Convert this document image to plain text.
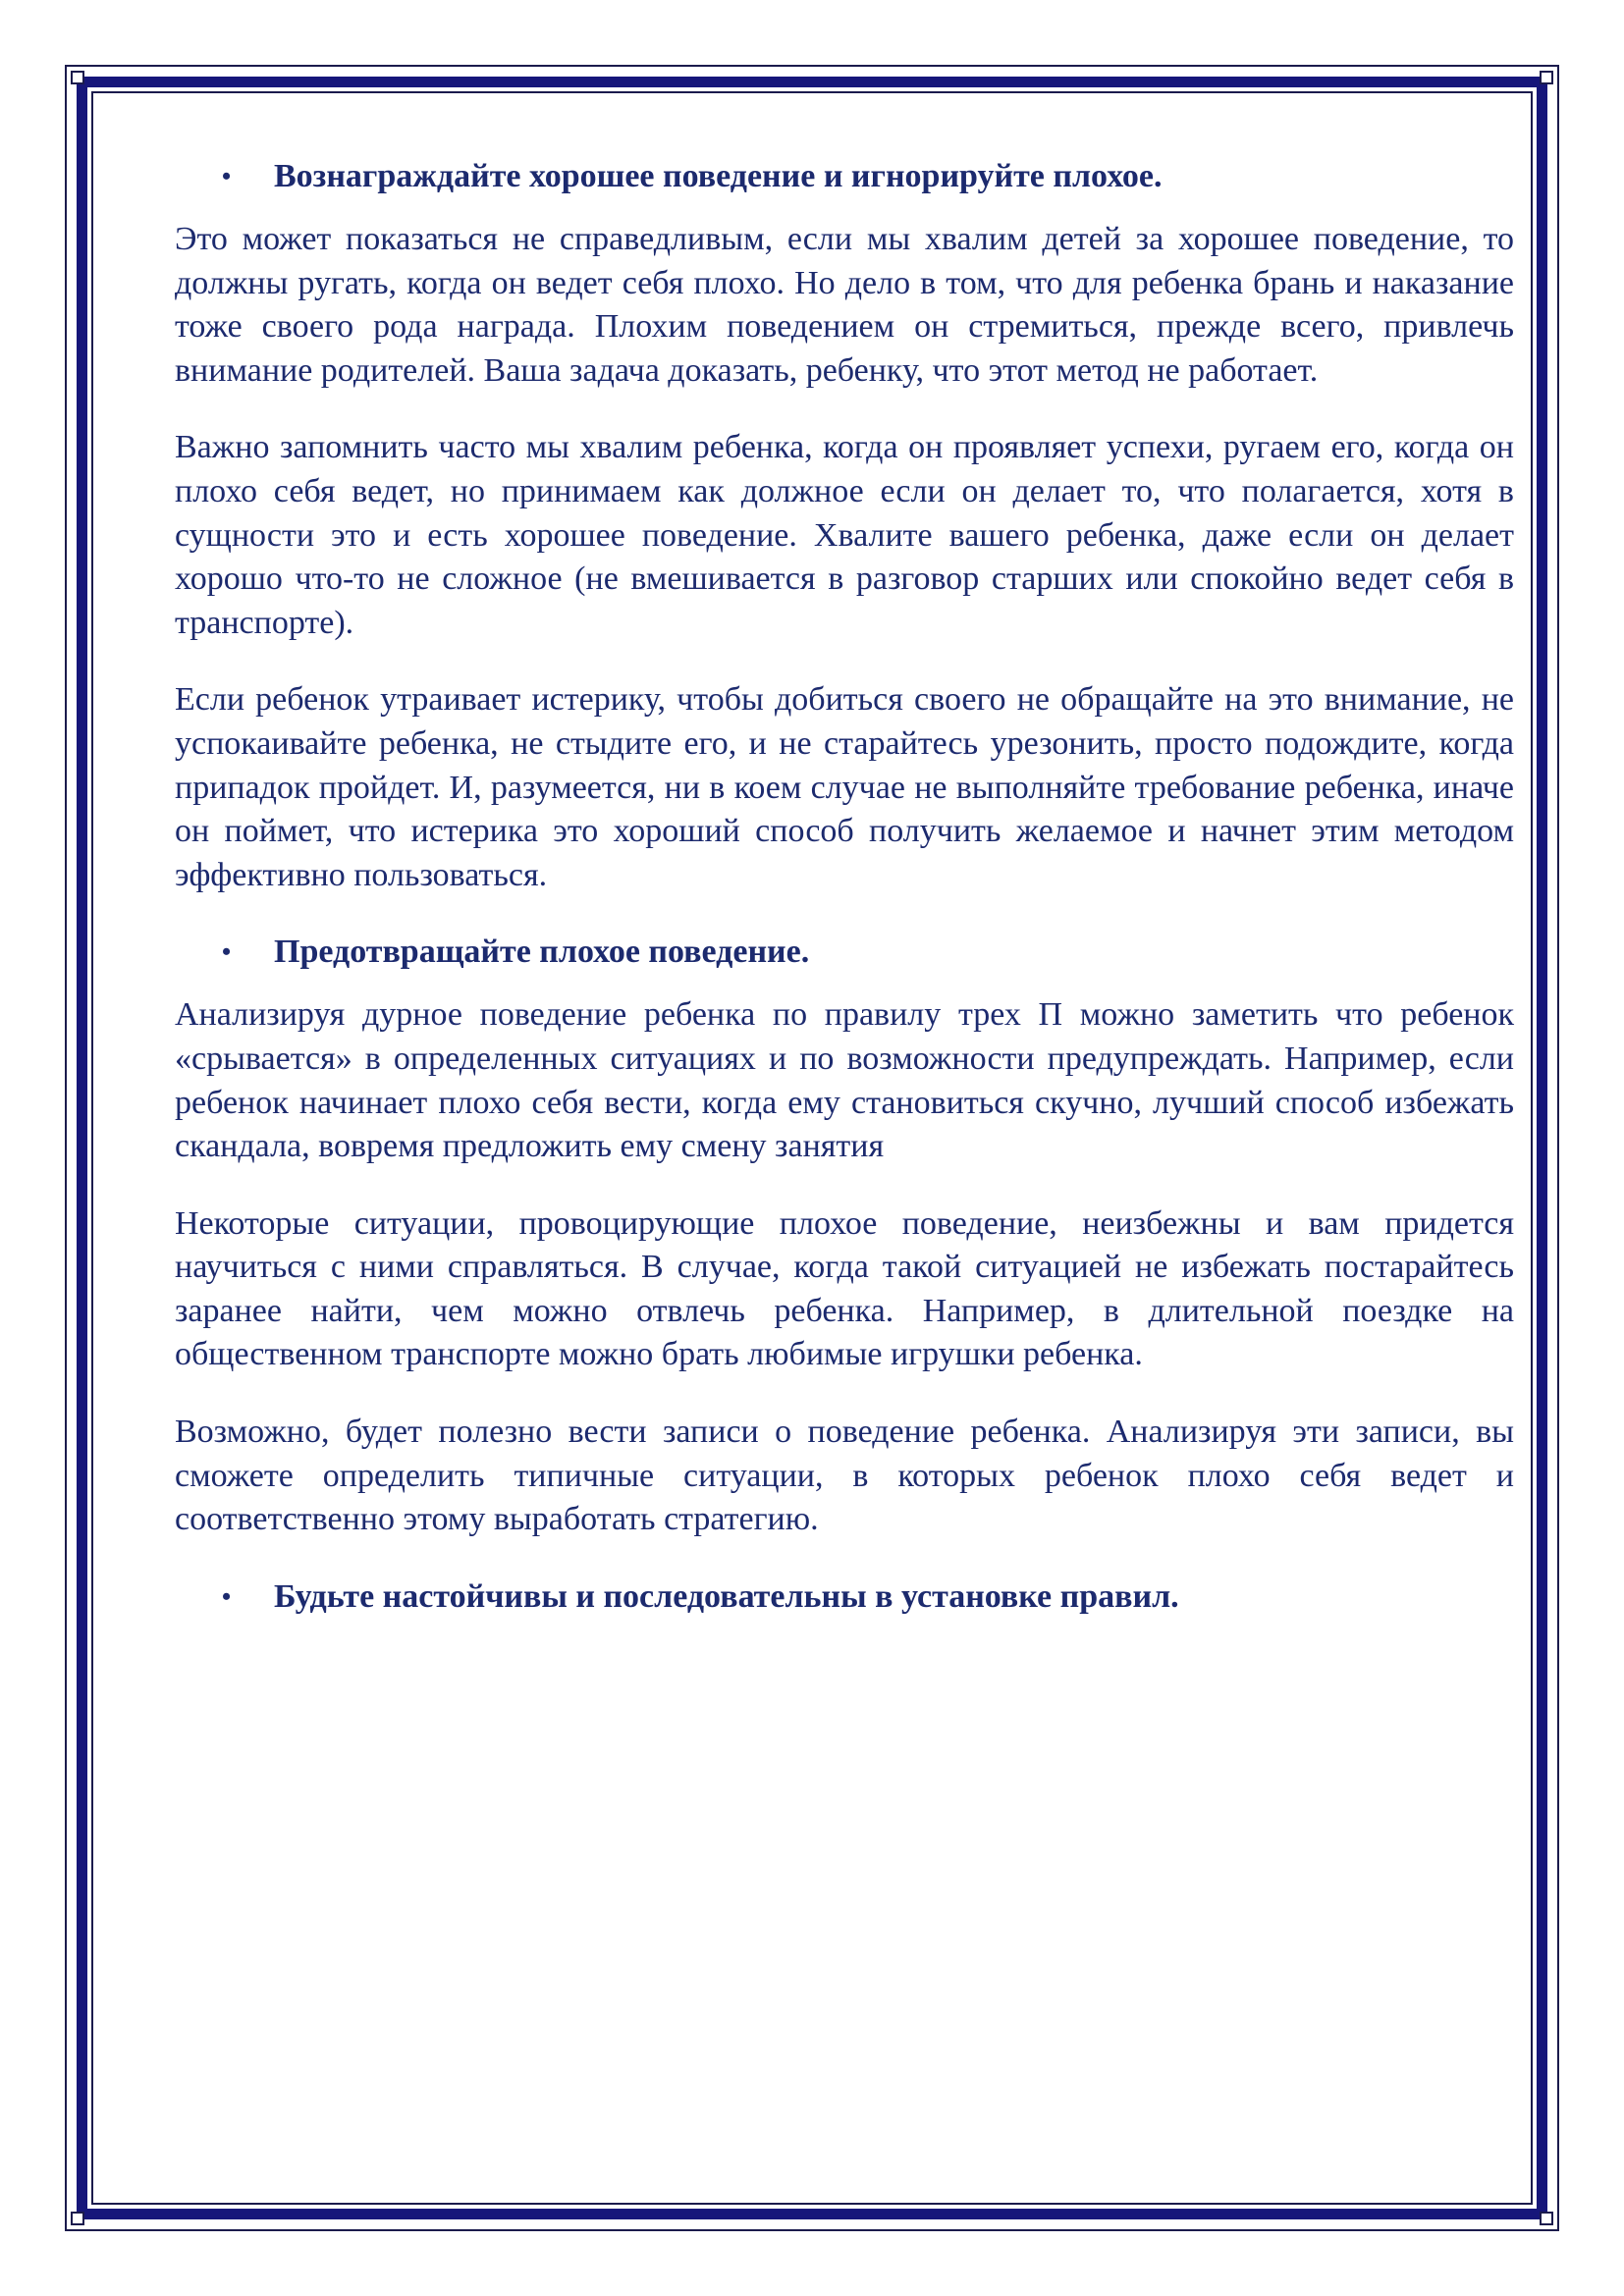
• Вознаграждайте хорошее поведение и игнорируйте плохое.

Это может показаться не справедливым, если мы хвалим детей за хорошее поведение, то должны ругать, когда он ведет себя плохо. Но дело в том, что для ребенка брань и наказание тоже своего рода награда. Плохим поведением он стремиться, прежде всего, привлечь внимание родителей. Ваша задача доказать, ребенку, что этот метод не работает.

Важно запомнить часто мы хвалим ребенка, когда он проявляет успехи, ругаем его, когда он плохо себя ведет, но принимаем как должное если он делает то, что полагается, хотя в сущности это и есть хорошее поведение. Хвалите вашего ребенка, даже если он делает хорошо что-то не сложное (не вмешивается в разговор старших или спокойно ведет себя в транспорте).

Если ребенок утраивает истерику, чтобы добиться своего не обращайте на это внимание, не успокаивайте ребенка, не стыдите его, и не старайтесь урезонить, просто подождите, когда припадок пройдет. И, разумеется, ни в коем случае не выполняйте требование ребенка, иначе он поймет, что истерика это хороший способ получить желаемое и начнет этим методом эффективно пользоваться.

• Предотвращайте плохое поведение.

Анализируя дурное поведение ребенка по правилу трех П можно заметить что ребенок «срывается» в определенных ситуациях и по возможности предупреждать. Например, если ребенок начинает плохо себя вести, когда ему становиться скучно, лучший способ избежать скандала, вовремя предложить ему смену занятия

Некоторые ситуации, провоцирующие плохое поведение, неизбежны и вам придется научиться с ними справляться. В случае, когда такой ситуацией не избежать постарайтесь заранее найти, чем можно отвлечь ребенка. Например, в длительной поездке на общественном транспорте можно брать любимые игрушки ребенка.

Возможно, будет полезно вести записи о поведение ребенка. Анализируя эти записи, вы сможете определить типичные ситуации, в которых ребенок плохо себя ведет и соответственно этому выработать стратегию.

• Будьте настойчивы и последовательны в установке правил.
